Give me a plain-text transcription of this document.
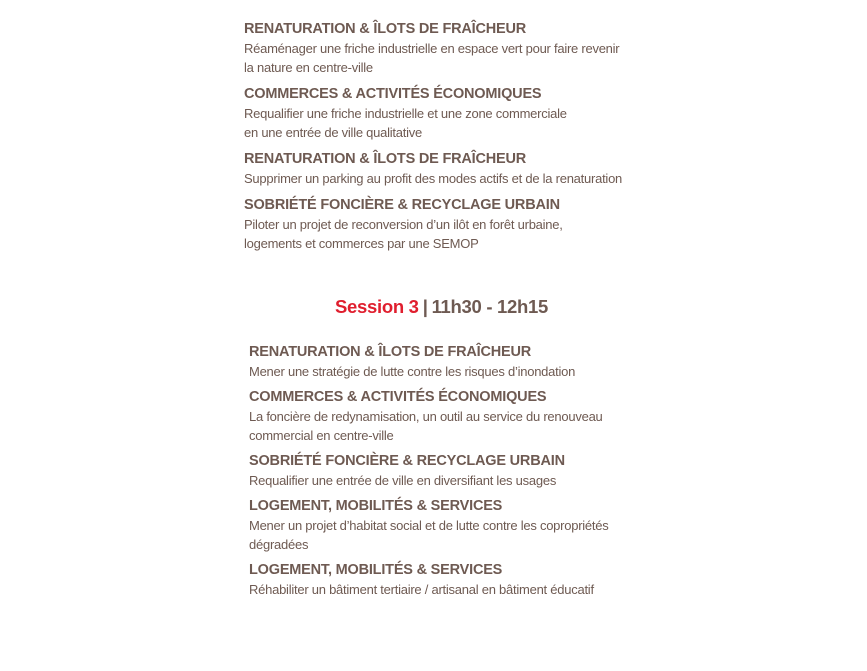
RENATURATION & ÎLOTS DE FRAÎCHEUR
Réaménager une friche industrielle en espace vert pour faire revenir
la nature en centre-ville
COMMERCES & ACTIVITÉS ÉCONOMIQUES
Requalifier une friche industrielle et une zone commerciale
en une entrée de ville qualitative
RENATURATION & ÎLOTS DE FRAÎCHEUR
Supprimer un parking au profit des modes actifs et de la renaturation
SOBRIÉTÉ FONCIÈRE & RECYCLAGE URBAIN
Piloter un projet de reconversion d’un ilôt en forêt urbaine,
logements et commerces par une SEMOP
Session 3 | 11h30 - 12h15
RENATURATION & ÎLOTS DE FRAÎCHEUR
Mener une stratégie de lutte contre les risques d’inondation
COMMERCES & ACTIVITÉS ÉCONOMIQUES
La foncière de redynamisation, un outil au service du renouveau
commercial en centre-ville
SOBRIÉTÉ FONCIÈRE & RECYCLAGE URBAIN
Requalifier une entrée de ville en diversifiant les usages
LOGEMENT, MOBILITÉS & SERVICES
Mener un projet d’habitat social et de lutte contre les copropriétés
dégradées
LOGEMENT, MOBILITÉS & SERVICES
Réhabiliter un bâtiment tertiaire / artisanal en bâtiment éducatif
